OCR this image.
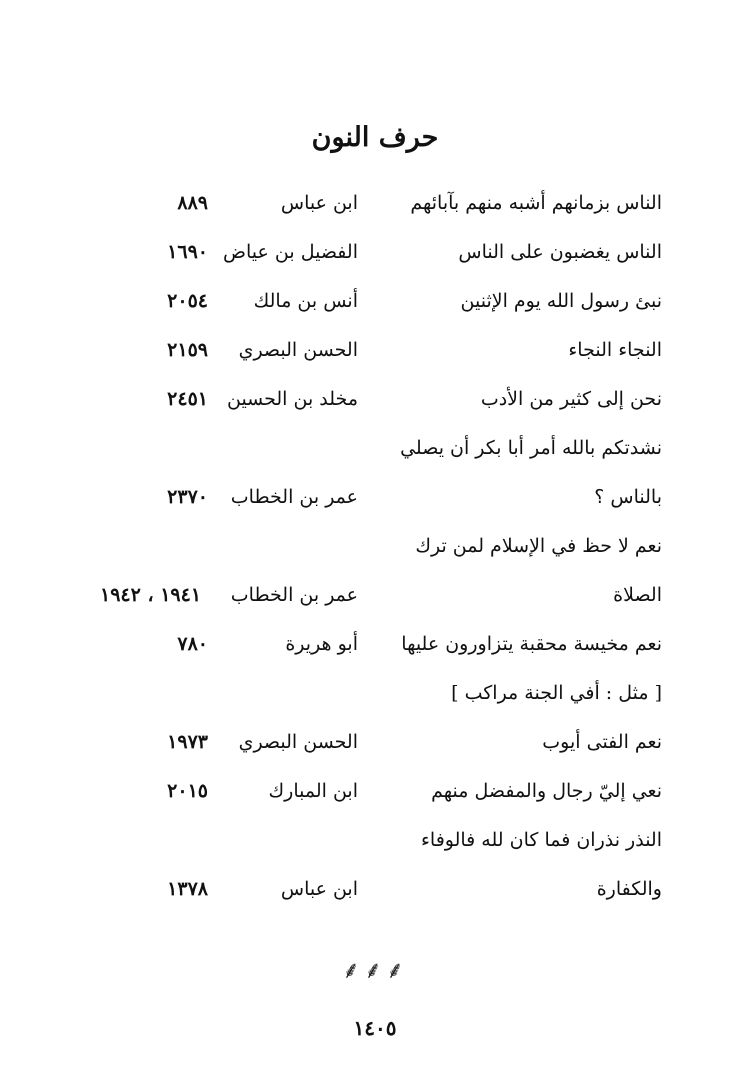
حرف النون
الناس بزمانهم أشبه منهم بآبائهم
ابن عباس
٨٨٩
الناس يغضبون على الناس
الفضيل بن عياض
١٦٩٠
نبئ رسول الله يوم الإثنين
أنس بن مالك
٢٠٥٤
النجاء النجاء
الحسن البصري
٢١٥٩
نحن إلى كثير من الأدب
مخلد بن الحسين
٢٤٥١
نشدتكم بالله أمر أبا بكر أن يصلي
بالناس ؟
عمر بن الخطاب
٢٣٧٠
نعم لا حظ في الإسلام لمن ترك
الصلاة
عمر بن الخطاب
١٩٤١ ، ١٩٤٢
نعم مخيسة محقبة يتزاورون عليها
أبو هريرة
٧٨٠
[ مثل : أفي الجنة مراكب ]
نعم الفتى أيوب
الحسن البصري
١٩٧٣
نعي إليّ رجال والمفضل منهم
ابن المبارك
٢٠١٥
النذر نذران فما كان لله فالوفاء
والكفارة
ابن عباس
١٣٧٨
⸙⸙⸙
١٤٠٥
